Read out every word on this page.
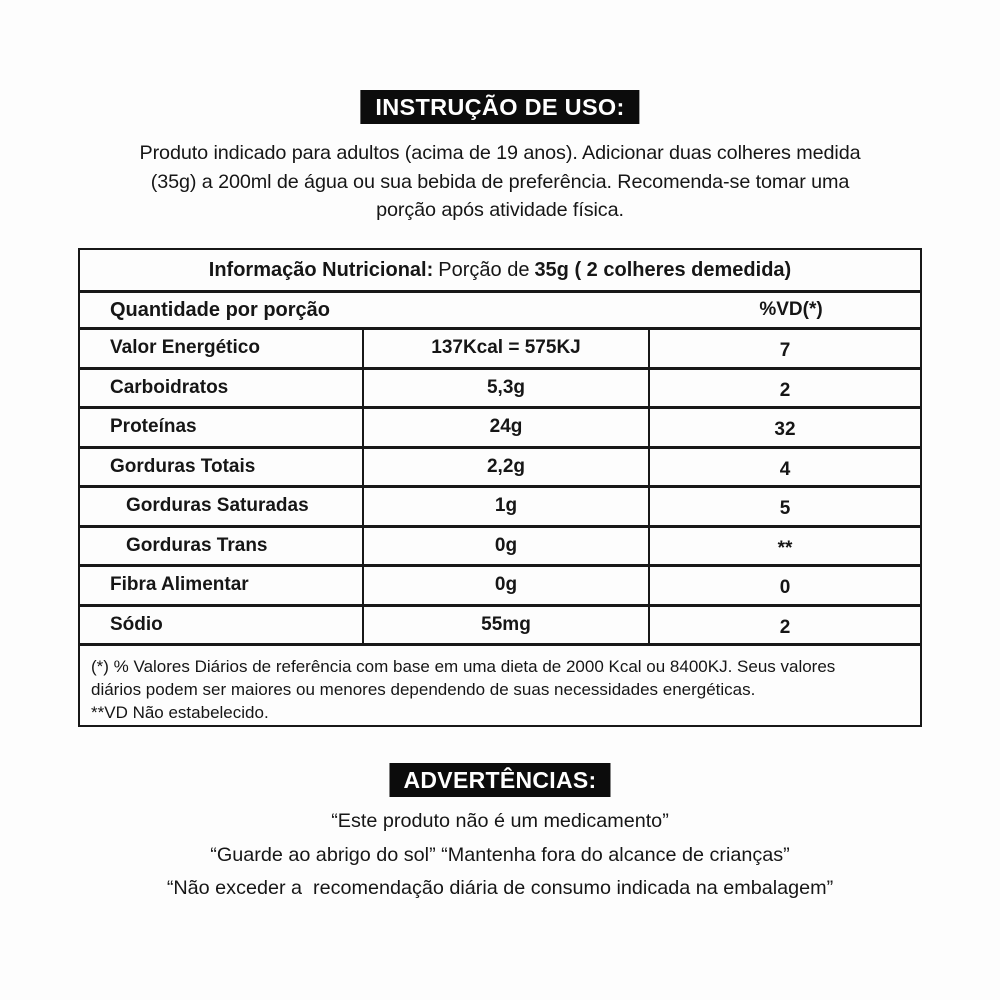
INSTRUÇÃO DE USO:
Produto indicado para adultos (acima de 19 anos). Adicionar duas colheres medida
(35g) a 200ml de água ou sua bebida de preferência. Recomenda-se tomar uma
porção após atividade física.
Informação Nutricional: Porção de 35g ( 2 colheres demedida)
Quantidade por porção	%VD(*)
Valor Energético	137Kcal = 575KJ	7
Carboidratos	5,3g	2
Proteínas	24g	32
Gorduras Totais	2,2g	4
Gorduras Saturadas	1g	5
Gorduras Trans	0g	**
Fibra Alimentar	0g	0
Sódio	55mg	2
(*) % Valores Diários de referência com base em uma dieta de 2000 Kcal ou 8400KJ. Seus valores
diários podem ser maiores ou menores dependendo de suas necessidades energéticas.
**VD Não estabelecido.
ADVERTÊNCIAS:
“Este produto não é um medicamento”
“Guarde ao abrigo do sol” “Mantenha fora do alcance de crianças”
“Não exceder a  recomendação diária de consumo indicada na embalagem”
